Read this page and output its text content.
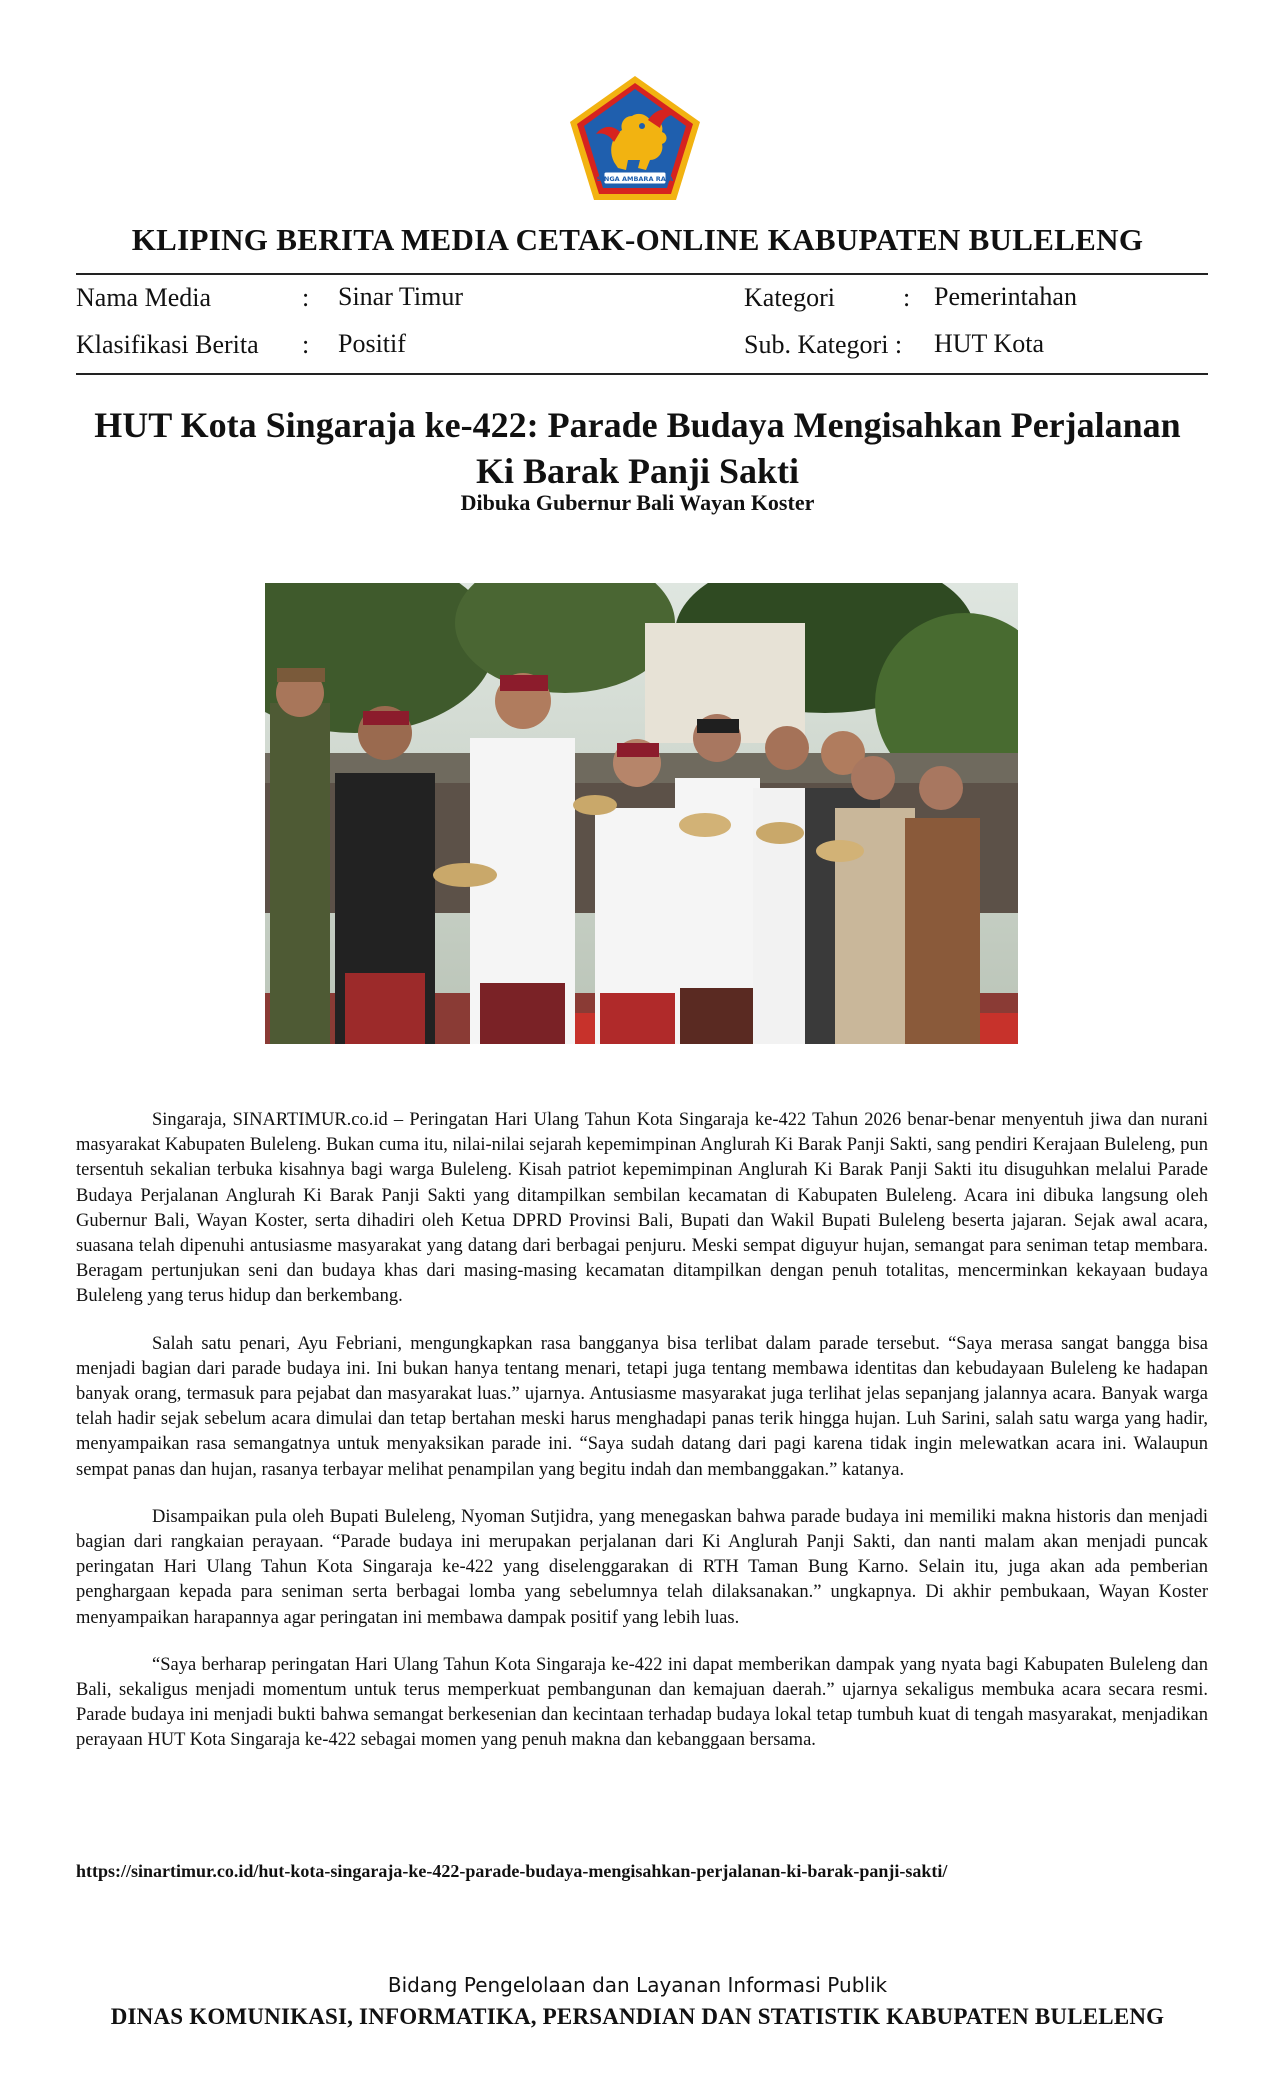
SINGA AMBARA RAJA
KLIPING BERITA MEDIA CETAK-ONLINE KABUPATEN BULELENG
Nama Media	: Sinar Timur	Kategori	: Pemerintahan
Klasifikasi Berita : Positif	Sub. Kategori : HUT Kota
HUT Kota Singaraja ke-422: Parade Budaya Mengisahkan Perjalanan Ki Barak Panji Sakti
Dibuka Gubernur Bali Wayan Koster

Singaraja, SINARTIMUR.co.id – Peringatan Hari Ulang Tahun Kota Singaraja ke-422 Tahun 2026 benar-benar menyentuh jiwa dan nurani masyarakat Kabupaten Buleleng. Bukan cuma itu, nilai-nilai sejarah kepemimpinan Anglurah Ki Barak Panji Sakti, sang pendiri Kerajaan Buleleng, pun tersentuh sekalian terbuka kisahnya bagi warga Buleleng. Kisah patriot kepemimpinan Anglurah Ki Barak Panji Sakti itu disuguhkan melalui Parade Budaya Perjalanan Anglurah Ki Barak Panji Sakti yang ditampilkan sembilan kecamatan di Kabupaten Buleleng. Acara ini dibuka langsung oleh Gubernur Bali, Wayan Koster, serta dihadiri oleh Ketua DPRD Provinsi Bali, Bupati dan Wakil Bupati Buleleng beserta jajaran. Sejak awal acara, suasana telah dipenuhi antusiasme masyarakat yang datang dari berbagai penjuru. Meski sempat diguyur hujan, semangat para seniman tetap membara. Beragam pertunjukan seni dan budaya khas dari masing-masing kecamatan ditampilkan dengan penuh totalitas, mencerminkan kekayaan budaya Buleleng yang terus hidup dan berkembang.

Salah satu penari, Ayu Febriani, mengungkapkan rasa bangganya bisa terlibat dalam parade tersebut. “Saya merasa sangat bangga bisa menjadi bagian dari parade budaya ini. Ini bukan hanya tentang menari, tetapi juga tentang membawa identitas dan kebudayaan Buleleng ke hadapan banyak orang, termasuk para pejabat dan masyarakat luas.” ujarnya. Antusiasme masyarakat juga terlihat jelas sepanjang jalannya acara. Banyak warga telah hadir sejak sebelum acara dimulai dan tetap bertahan meski harus menghadapi panas terik hingga hujan. Luh Sarini, salah satu warga yang hadir, menyampaikan rasa semangatnya untuk menyaksikan parade ini. “Saya sudah datang dari pagi karena tidak ingin melewatkan acara ini. Walaupun sempat panas dan hujan, rasanya terbayar melihat penampilan yang begitu indah dan membanggakan.” katanya.

Disampaikan pula oleh Bupati Buleleng, Nyoman Sutjidra, yang menegaskan bahwa parade budaya ini memiliki makna historis dan menjadi bagian dari rangkaian perayaan. “Parade budaya ini merupakan perjalanan dari Ki Anglurah Panji Sakti, dan nanti malam akan menjadi puncak peringatan Hari Ulang Tahun Kota Singaraja ke-422 yang diselenggarakan di RTH Taman Bung Karno. Selain itu, juga akan ada pemberian penghargaan kepada para seniman serta berbagai lomba yang sebelumnya telah dilaksanakan.” ungkapnya. Di akhir pembukaan, Wayan Koster menyampaikan harapannya agar peringatan ini membawa dampak positif yang lebih luas.

“Saya berharap peringatan Hari Ulang Tahun Kota Singaraja ke-422 ini dapat memberikan dampak yang nyata bagi Kabupaten Buleleng dan Bali, sekaligus menjadi momentum untuk terus memperkuat pembangunan dan kemajuan daerah.” ujarnya sekaligus membuka acara secara resmi. Parade budaya ini menjadi bukti bahwa semangat berkesenian dan kecintaan terhadap budaya lokal tetap tumbuh kuat di tengah masyarakat, menjadikan perayaan HUT Kota Singaraja ke-422 sebagai momen yang penuh makna dan kebanggaan bersama.

https://sinartimur.co.id/hut-kota-singaraja-ke-422-parade-budaya-mengisahkan-perjalanan-ki-barak-panji-sakti/
Bidang Pengelolaan dan Layanan Informasi Publik
DINAS KOMUNIKASI, INFORMATIKA, PERSANDIAN DAN STATISTIK KABUPATEN BULELENG
